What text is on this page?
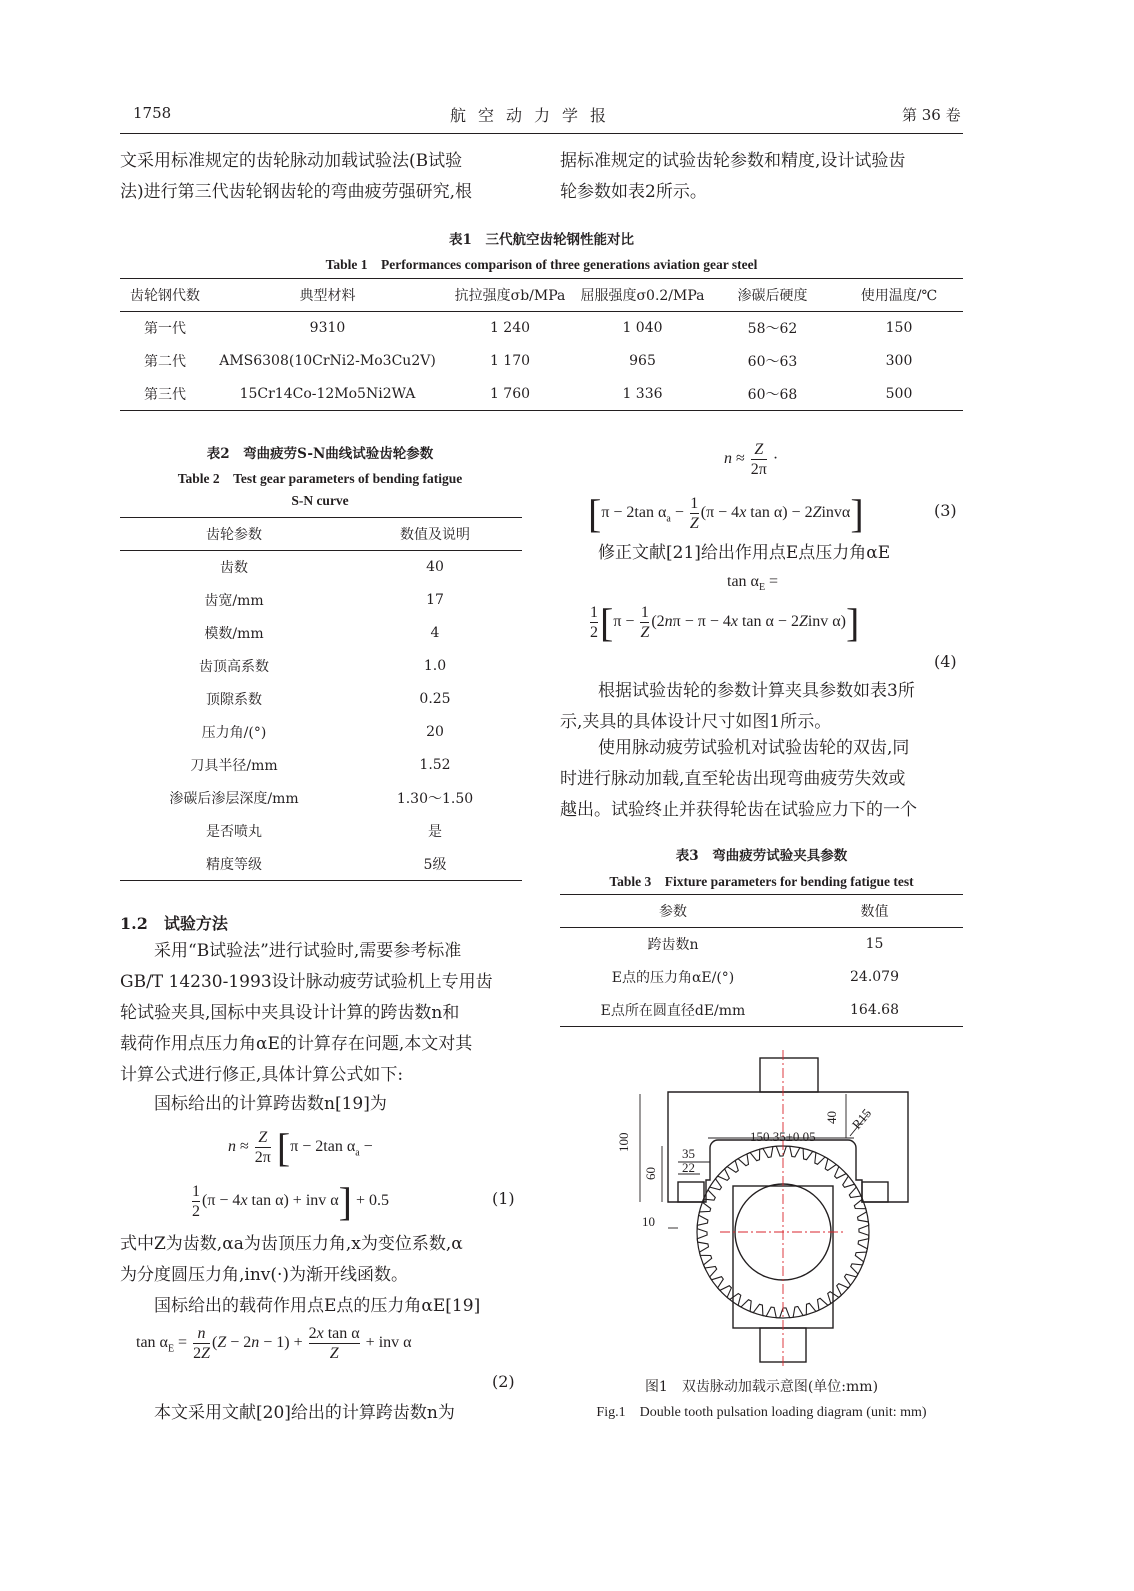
1758	航空动力学报	第 36 卷
文采用标准规定的齿轮脉动加载试验法(B试验
法)进行第三代齿轮钢齿轮的弯曲疲劳强研究,根
据标准规定的试验齿轮参数和精度,设计试验齿
轮参数如表2所示。
表1　三代航空齿轮钢性能对比
Table 1　Performances comparison of three generations aviation gear steel
齿轮钢代数	典型材料	抗拉强度σb/MPa	屈服强度σ0.2/MPa	渗碳后硬度	使用温度/℃
第一代	9310	1 240	1 040	58～62	150
第二代	AMS6308(10CrNi2-Mo3Cu2V)	1 170	965	60～63	300
第三代	15Cr14Co-12Mo5Ni2WA	1 760	1 336	60～68	500
表2　弯曲疲劳S-N曲线试验齿轮参数
Table 2　Test gear parameters of bending fatigue
S-N curve
齿轮参数	数值及说明
齿数	40
齿宽/mm	17
模数/mm	4
齿顶高系数	1.0
顶隙系数	0.25
压力角/(°)	20
刀具半径/mm	1.52
渗碳后渗层深度/mm	1.30～1.50
是否喷丸	是
精度等级	5级
1.2　试验方法
采用“B试验法”进行试验时,需要参考标准
GB/T 14230-1993设计脉动疲劳试验机上专用齿
轮试验夹具,国标中夹具设计计算的跨齿数n和
载荷作用点压力角αE的计算存在问题,本文对其
计算公式进行修正,具体计算公式如下:
国标给出的计算跨齿数n[19]为
$n \approx \frac{Z}{2\pi} [\pi - 2\tan$ $\alpha_a$ −
$\frac{1}{2} (\pi - 4x$ tan α) + inv α] + 0.5	(1)
式中Z为齿数,αa为齿顶压力角,x为变位系数,α
为分度圆压力角,inv(·)为渐开线函数。
国标给出的载荷作用点E点的压力角αE[19]
$\tan \alpha_E = \frac{n}{2Z} (Z - 2n - 1) + \frac{\text{2x tan α}}{Z}$ + inv α
(2)
本文采用文献[20]给出的计算跨齿数n为
$n \approx \frac{Z}{2\pi}$ ·
[π − 2tan $\alpha_a - \frac{1}{Z} (\pi - 4x$ tan α) − 2Zinvα]	(3)
修正文献[21]给出作用点E点压力角αE
$\tan \alpha_E$ =
$\frac{1}{2} [\pi - \frac{1}{Z} (2n\pi - \pi - 4x$ tan α − 2Zinv α)]
(4)
根据试验齿轮的参数计算夹具参数如表3所
示,夹具的具体设计尺寸如图1所示。
使用脉动疲劳试验机对试验齿轮的双齿,同
时进行脉动加载,直至轮齿出现弯曲疲劳失效或
越出。试验终止并获得轮齿在试验应力下的一个
表3　弯曲疲劳试验夹具参数
Table 3　Fixture parameters for bending fatigue test
参数	数值
跨齿数n	15
E点的压力角αE/(°)	24.079
E点所在圆直径dE/mm	164.68
100
60
40 R15
150.35±0.05
35
22
10
图1　双齿脉动加载示意图(单位:mm)
Fig.1　Double tooth pulsation loading diagram (unit: mm)
